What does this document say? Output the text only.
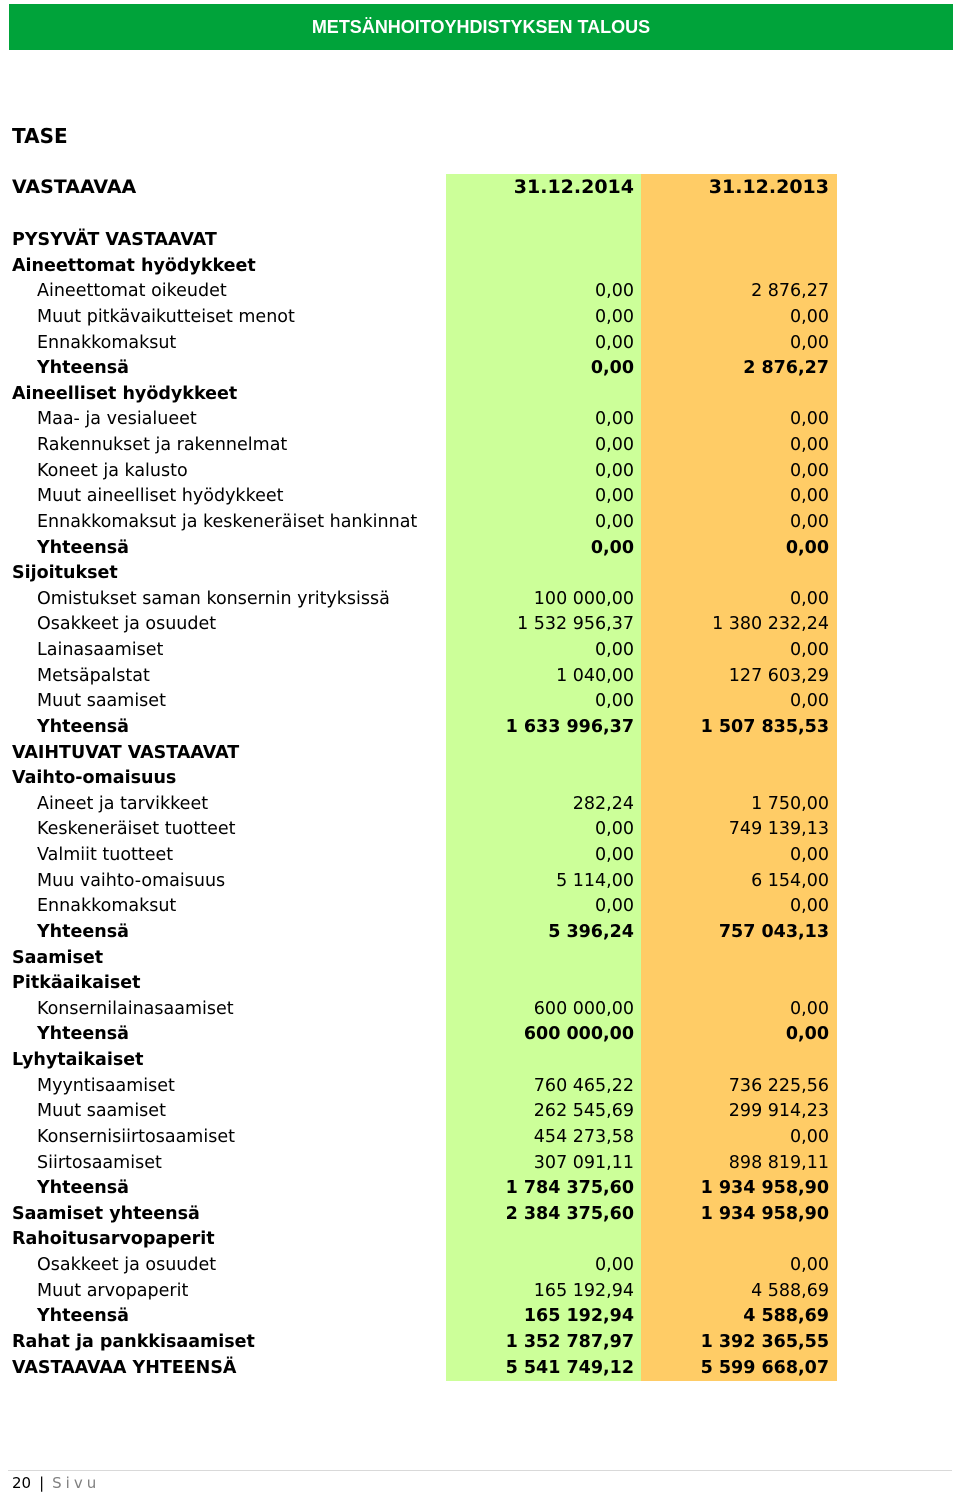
METSÄNHOITOYHDISTYKSEN TALOUS
TASE
VASTAAVAA	31.12.2014	31.12.2013
PYSYVÄT VASTAAVAT
Aineettomat hyödykkeet
Aineettomat oikeudet	0,00	2 876,27
Muut pitkävaikutteiset menot	0,00	0,00
Ennakkomaksut	0,00	0,00
Yhteensä	0,00	2 876,27
Aineelliset hyödykkeet
Maa- ja vesialueet	0,00	0,00
Rakennukset ja rakennelmat	0,00	0,00
Koneet ja kalusto	0,00	0,00
Muut aineelliset hyödykkeet	0,00	0,00
Ennakkomaksut ja keskeneräiset hankinnat	0,00	0,00
Yhteensä	0,00	0,00
Sijoitukset
Omistukset saman konsernin yrityksissä	100 000,00	0,00
Osakkeet ja osuudet	1 532 956,37	1 380 232,24
Lainasaamiset	0,00	0,00
Metsäpalstat	1 040,00	127 603,29
Muut saamiset	0,00	0,00
Yhteensä	1 633 996,37	1 507 835,53
VAIHTUVAT VASTAAVAT
Vaihto-omaisuus
Aineet ja tarvikkeet	282,24	1 750,00
Keskeneräiset tuotteet	0,00	749 139,13
Valmiit tuotteet	0,00	0,00
Muu vaihto-omaisuus	5 114,00	6 154,00
Ennakkomaksut	0,00	0,00
Yhteensä	5 396,24	757 043,13
Saamiset
Pitkäaikaiset
Konsernilainasaamiset	600 000,00	0,00
Yhteensä	600 000,00	0,00
Lyhytaikaiset
Myyntisaamiset	760 465,22	736 225,56
Muut saamiset	262 545,69	299 914,23
Konsernisiirtosaamiset	454 273,58	0,00
Siirtosaamiset	307 091,11	898 819,11
Yhteensä	1 784 375,60	1 934 958,90
Saamiset yhteensä	2 384 375,60	1 934 958,90
Rahoitusarvopaperit
Osakkeet ja osuudet	0,00	0,00
Muut arvopaperit	165 192,94	4 588,69
Yhteensä	165 192,94	4 588,69
Rahat ja pankkisaamiset	1 352 787,97	1 392 365,55
VASTAAVAA YHTEENSÄ	5 541 749,12	5 599 668,07
20 | Sivu
